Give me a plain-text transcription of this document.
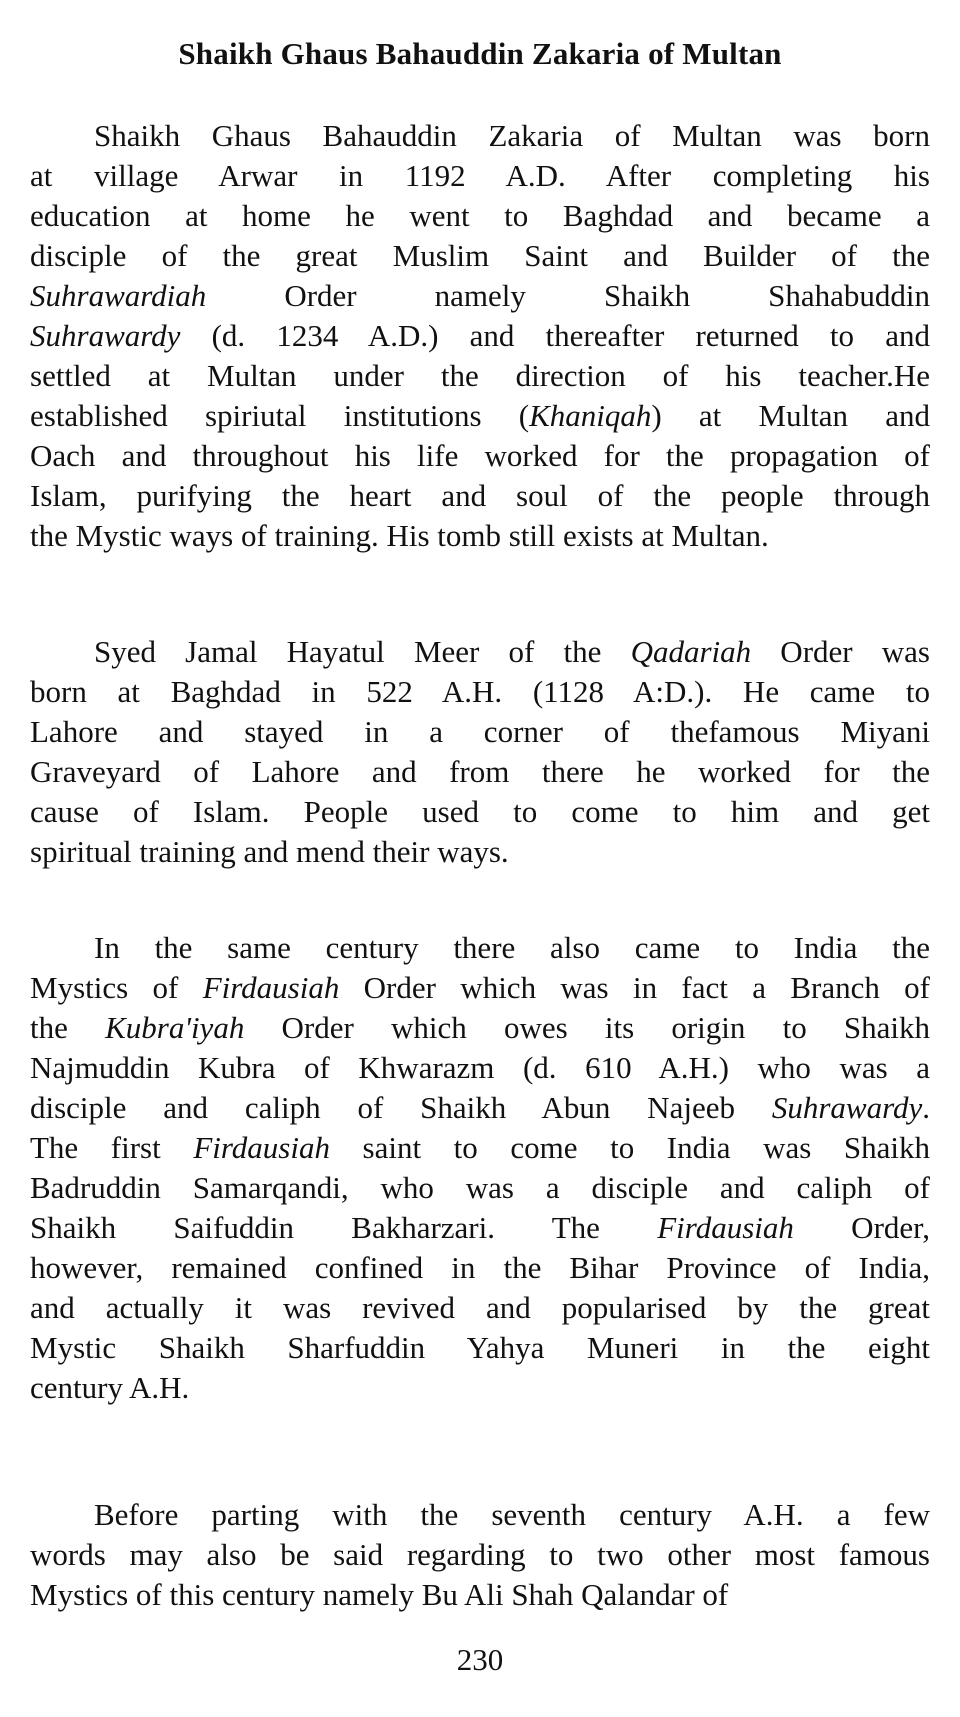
Shaikh Ghaus Bahauddin Zakaria of Multan
Shaikh Ghaus Bahauddin Zakaria of Multan was born
at village Arwar in 1192 A.D. After completing his
education at home he went to Baghdad and became a
disciple of the great Muslim Saint and Builder of the
Suhrawardiah Order namely Shaikh Shahabuddin
Suhrawardy (d. 1234 A.D.) and thereafter returned to and
settled at Multan under the direction of his teacher.He
established spiriutal institutions (Khaniqah) at Multan and
Oach and throughout his life worked for the propagation of
Islam, purifying the heart and soul of the people through
the Mystic ways of training. His tomb still exists at Multan.
Syed Jamal Hayatul Meer of the Qadariah Order was
born at Baghdad in 522 A.H. (1128 A:D.). He came to
Lahore and stayed in a corner of thefamous Miyani
Graveyard of Lahore and from there he worked for the
cause of Islam. People used to come to him and get
spiritual training and mend their ways.
In the same century there also came to India the
Mystics of Firdausiah Order which was in fact a Branch of
the Kubra'iyah Order which owes its origin to Shaikh
Najmuddin Kubra of Khwarazm (d. 610 A.H.) who was a
disciple and caliph of Shaikh Abun Najeeb Suhrawardy.
The first Firdausiah saint to come to India was Shaikh
Badruddin Samarqandi, who was a disciple and caliph of
Shaikh Saifuddin Bakharzari. The Firdausiah Order,
however, remained confined in the Bihar Province of India,
and actually it was revived and popularised by the great
Mystic Shaikh Sharfuddin Yahya Muneri in the eight
century A.H.
Before parting with the seventh century A.H. a few
words may also be said regarding to two other most famous
Mystics of this century namely Bu Ali Shah Qalandar of
230
